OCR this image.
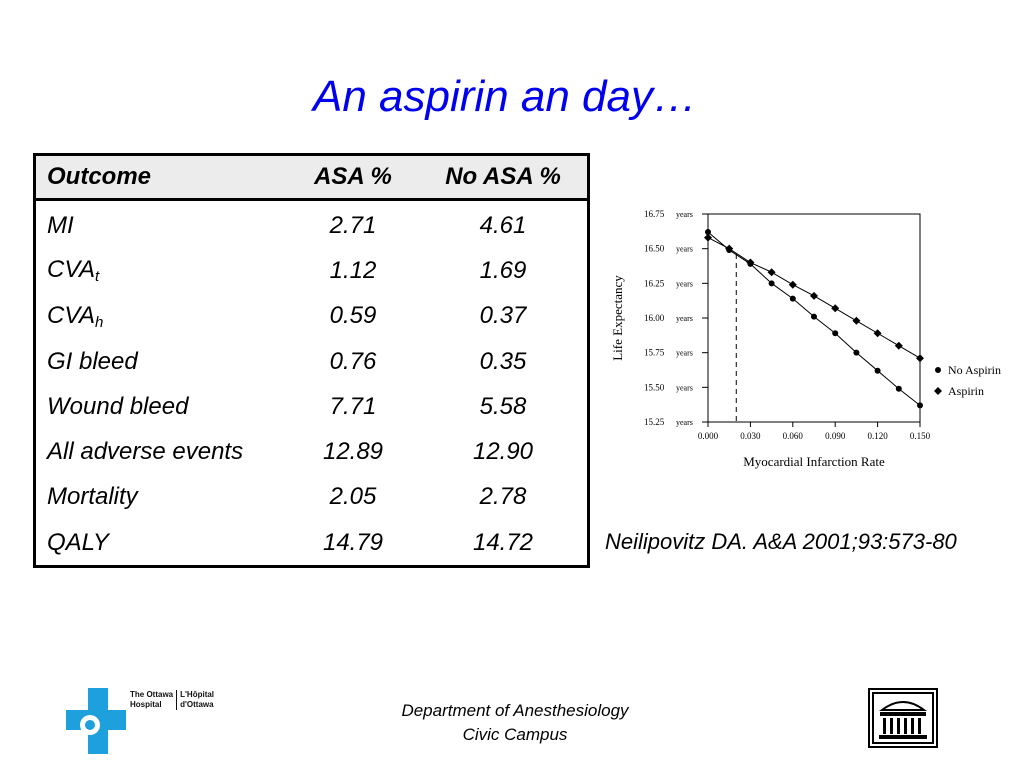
An aspirin an day…
Outcome	ASA %	No ASA %
MI	2.71	4.61
$CVA_t$	1.12	1.69
$CVA_h$	0.59	0.37
GI bleed	0.76	0.35
Wound bleed	7.71	5.58
All adverse events	12.89	12.90
Mortality	2.05	2.78
QALY	14.79	14.72
16.75 years
16.50 years
16.25 years
16.00 years
15.75 years
15.50 years
15.25 years
0.000 0.030 0.060 0.090 0.120 0.150
Myocardial Infarction Rate
Life Expectancy
No Aspirin
Aspirin
Neilipovitz DA. A&A 2001;93:573-80
The Ottawa
Hospital
L'Hôpital
d'Ottawa	Department of Anesthesiology
Civic Campus
